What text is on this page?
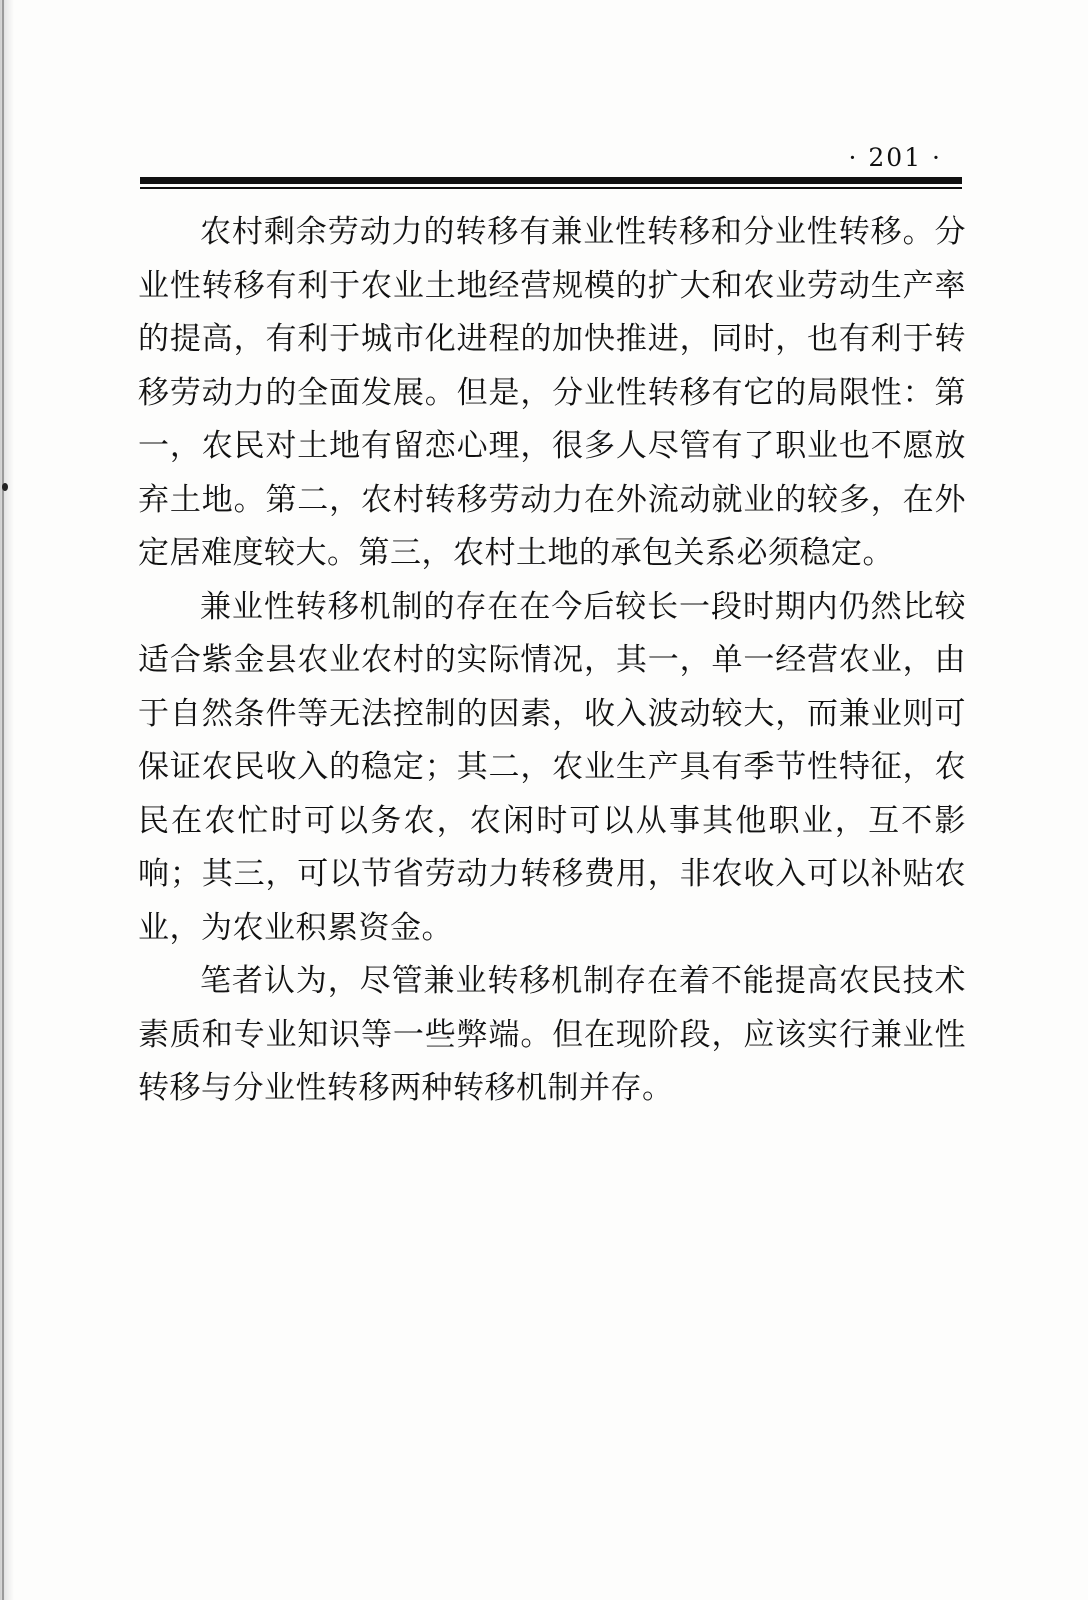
· 201 ·

农村剩余劳动力的转移有兼业性转移和分业性转移。分业性转移有利于农业土地经营规模的扩大和农业劳动生产率的提高，有利于城市化进程的加快推进，同时，也有利于转移劳动力的全面发展。但是，分业性转移有它的局限性：第一，农民对土地有留恋心理，很多人尽管有了职业也不愿放弃土地。第二，农村转移劳动力在外流动就业的较多，在外定居难度较大。第三，农村土地的承包关系必须稳定。

兼业性转移机制的存在在今后较长一段时期内仍然比较适合紫金县农业农村的实际情况，其一，单一经营农业，由于自然条件等无法控制的因素，收入波动较大，而兼业则可保证农民收入的稳定；其二，农业生产具有季节性特征，农民在农忙时可以务农，农闲时可以从事其他职业，互不影响；其三，可以节省劳动力转移费用，非农收入可以补贴农业，为农业积累资金。

笔者认为，尽管兼业转移机制存在着不能提高农民技术素质和专业知识等一些弊端。但在现阶段，应该实行兼业性转移与分业性转移两种转移机制并存。
